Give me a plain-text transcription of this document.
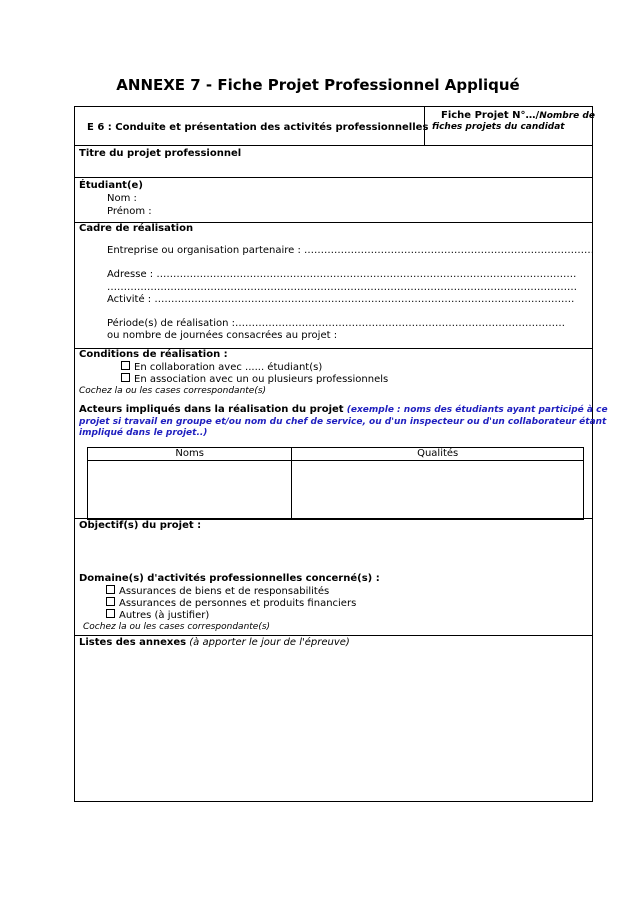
ANNEXE 7 - Fiche Projet Professionnel Appliqué
E 6 : Conduite et présentation des activités professionnelles
Fiche Projet N°…/Nombre de
fiches projets du candidat
Titre du projet professionnel
Étudiant(e)
Nom :
Prénom :
Cadre de réalisation
Entreprise ou organisation partenaire : ……………………………………………………………………………
Adresse : ………………………………………………………………………………………………………………
……………………………………………………………………………………………………………………………
Activité : ………………………………………………………………………………………………………………
Période(s) de réalisation :………………………………………………………………………………………
ou nombre de journées consacrées au projet :
Conditions de réalisation :
En collaboration avec ...... étudiant(s)
En association avec un ou plusieurs professionnels
Cochez la ou les cases correspondante(s)
Acteurs impliqués dans la réalisation du projet (exemple : noms des étudiants ayant participé à ce
projet si travail en groupe et/ou nom du chef de service, ou d'un inspecteur ou d'un collaborateur étant
impliqué dans le projet..)
Noms	Qualités

Objectif(s) du projet :
Domaine(s) d'activités professionnelles concerné(s) :
Assurances de biens et de responsabilités
Assurances de personnes et produits financiers
Autres (à justifier)
Cochez la ou les cases correspondante(s)
Listes des annexes (à apporter le jour de l'épreuve)
